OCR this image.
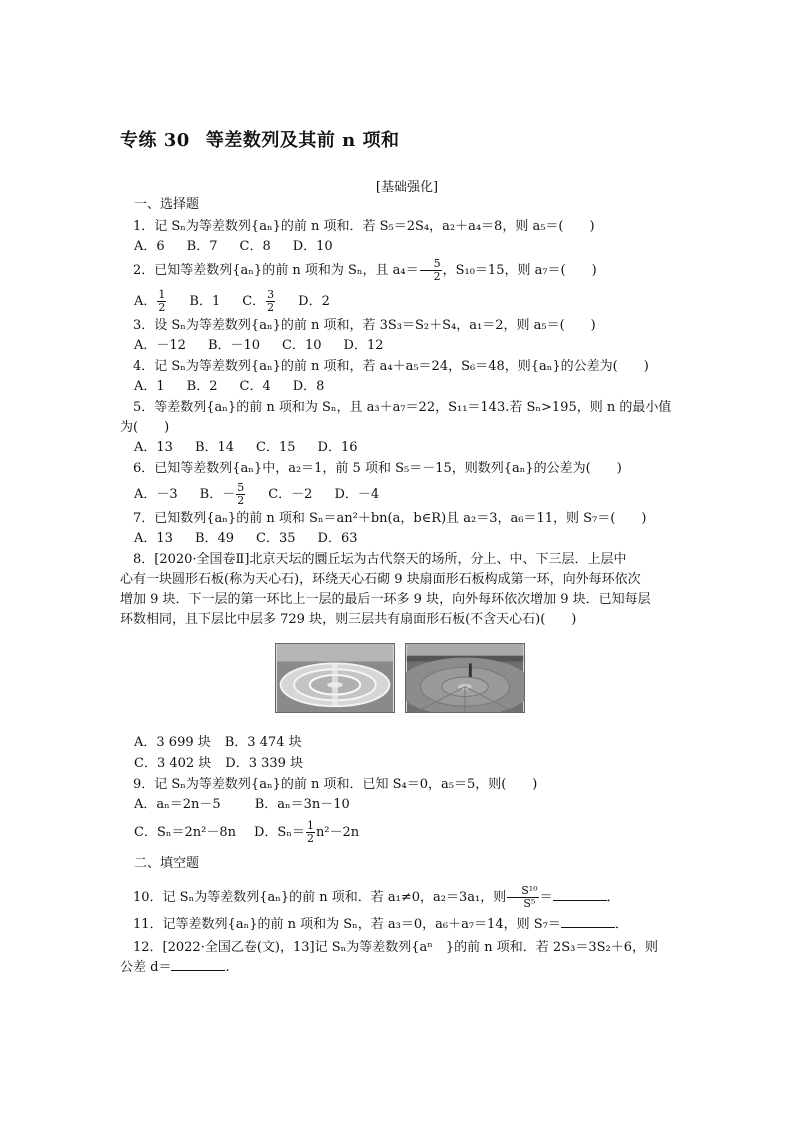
专练 30 等差数列及其前 n 项和
[基础强化]
一、选择题
1．记 Sₙ为等差数列{aₙ}的前 n 项和．若 S₅＝2S₄，a₂＋a₄＝8，则 a₅＝(　　)
A．6 B．7 C．8 D．10
2．已知等差数列{aₙ}的前 n 项和为 Sₙ，且 $a_4= \frac{5}{2}$ ，S₁₀＝15，则 a₇＝(　　)
A． $\frac{1}{2}$ B．1 C． $\frac{3}{2}$ D．2
3．设 Sₙ为等差数列{aₙ}的前 n 项和，若 3S₃＝S₂＋S₄，a₁＝2，则 a₅＝(　　)
A．－12 B．－10 C．10 D．12
4．记 Sₙ为等差数列{aₙ}的前 n 项和，若 a₄＋a₅＝24，S₆＝48，则{aₙ}的公差为(　　)
A．1 B．2 C．4 D．8
5．等差数列{aₙ}的前 n 项和为 Sₙ，且 a₃＋a₇＝22，S₁₁＝143.若 Sₙ>195，则 n 的最小值
为(　　)
A．13 B．14 C．15 D．16
6．已知等差数列{aₙ}中，a₂＝1，前 5 项和 S₅＝－15，则数列{aₙ}的公差为(　　)
A．－3 B．－ $\frac{5}{2}$ C．－2 D．－4
7．已知数列{aₙ}的前 n 项和 Sₙ＝an²＋bn(a，b∈R)且 a₂＝3，a₆＝11，则 S₇＝(　　)
A．13 B．49 C．35 D．63
8．[2020·全国卷Ⅱ]北京天坛的圜丘坛为古代祭天的场所，分上、中、下三层．上层中
心有一块圆形石板(称为天心石)，环绕天心石砌 9 块扇面形石板构成第一环，向外每环依次
增加 9 块．下一层的第一环比上一层的最后一环多 9 块，向外每环依次增加 9 块．已知每层
环数相同，且下层比中层多 729 块，则三层共有扇面形石板(不含天心石)(　　)
A．3 699 块 B．3 474 块
C．3 402 块 D．3 339 块
9．记 Sₙ为等差数列{aₙ}的前 n 项和．已知 S₄＝0，a₅＝5，则(　　)
A．aₙ＝2n－5	B．aₙ＝3n－10
C．Sₙ＝2n²－8n D．$S_n= \frac{1}{2} n^2-2n$
二、填空题
10．记 Sₙ为等差数列{aₙ}的前 n 项和．若 a₁≠0，a₂＝3a₁，则 $\frac{\text{S¹⁰}}{\text{S⁵}}$ ＝	．
11．记等差数列{aₙ}的前 n 项和为 Sₙ，若 a₃＝0，a₆＋a₇＝14，则 S₇＝	．
12．[2022·全国乙卷(文)，13]记 Sₙ为等差数列{aⁿ　}的前 n 项和．若 2S₃＝3S₂＋6，则
公差 d＝	.
